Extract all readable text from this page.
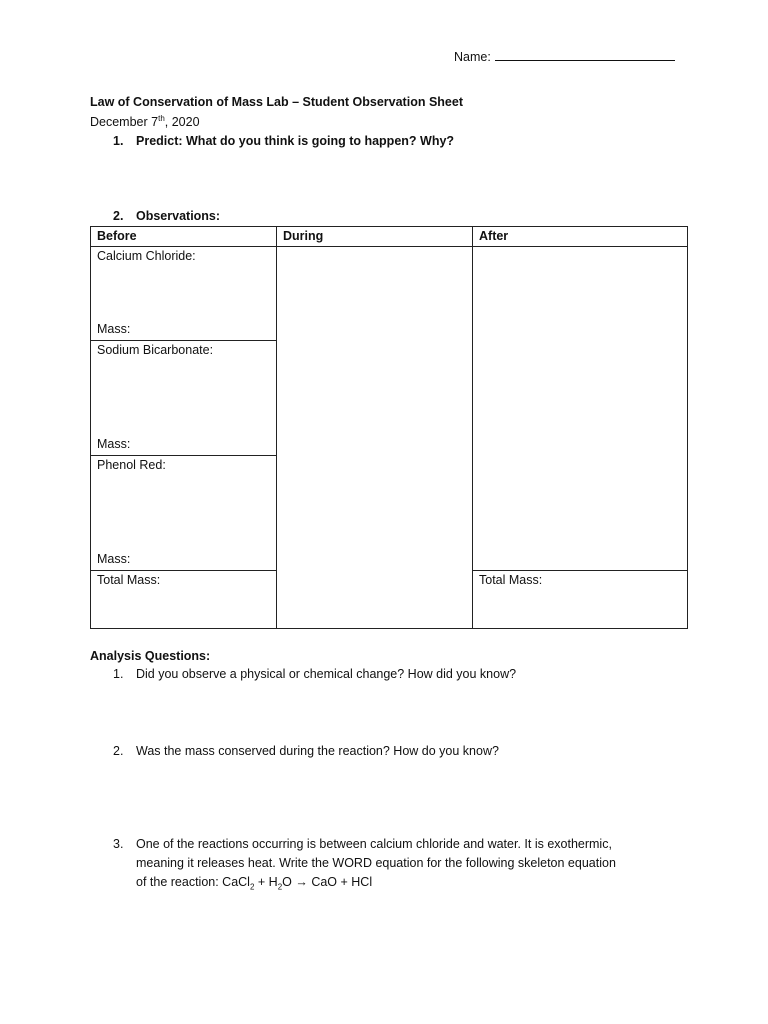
Name:
Law of Conservation of Mass Lab – Student Observation Sheet
December 7th, 2020
1. Predict: What do you think is going to happen? Why?
2. Observations:
Before	During	After

Calcium Chloride:
Mass:		

Sodium Bicarbonate:
Mass:		

Phenol Red:
Mass:		

Total Mass:		Total Mass:
Analysis Questions:
1. Did you observe a physical or chemical change? How did you know?
2. Was the mass conserved during the reaction? How do you know?
3. One of the reactions occurring is between calcium chloride and water. It is exothermic,
meaning it releases heat. Write the WORD equation for the following skeleton equation
of the reaction: CaCl$_2$ + $H_2O$ → CaO + HCl
